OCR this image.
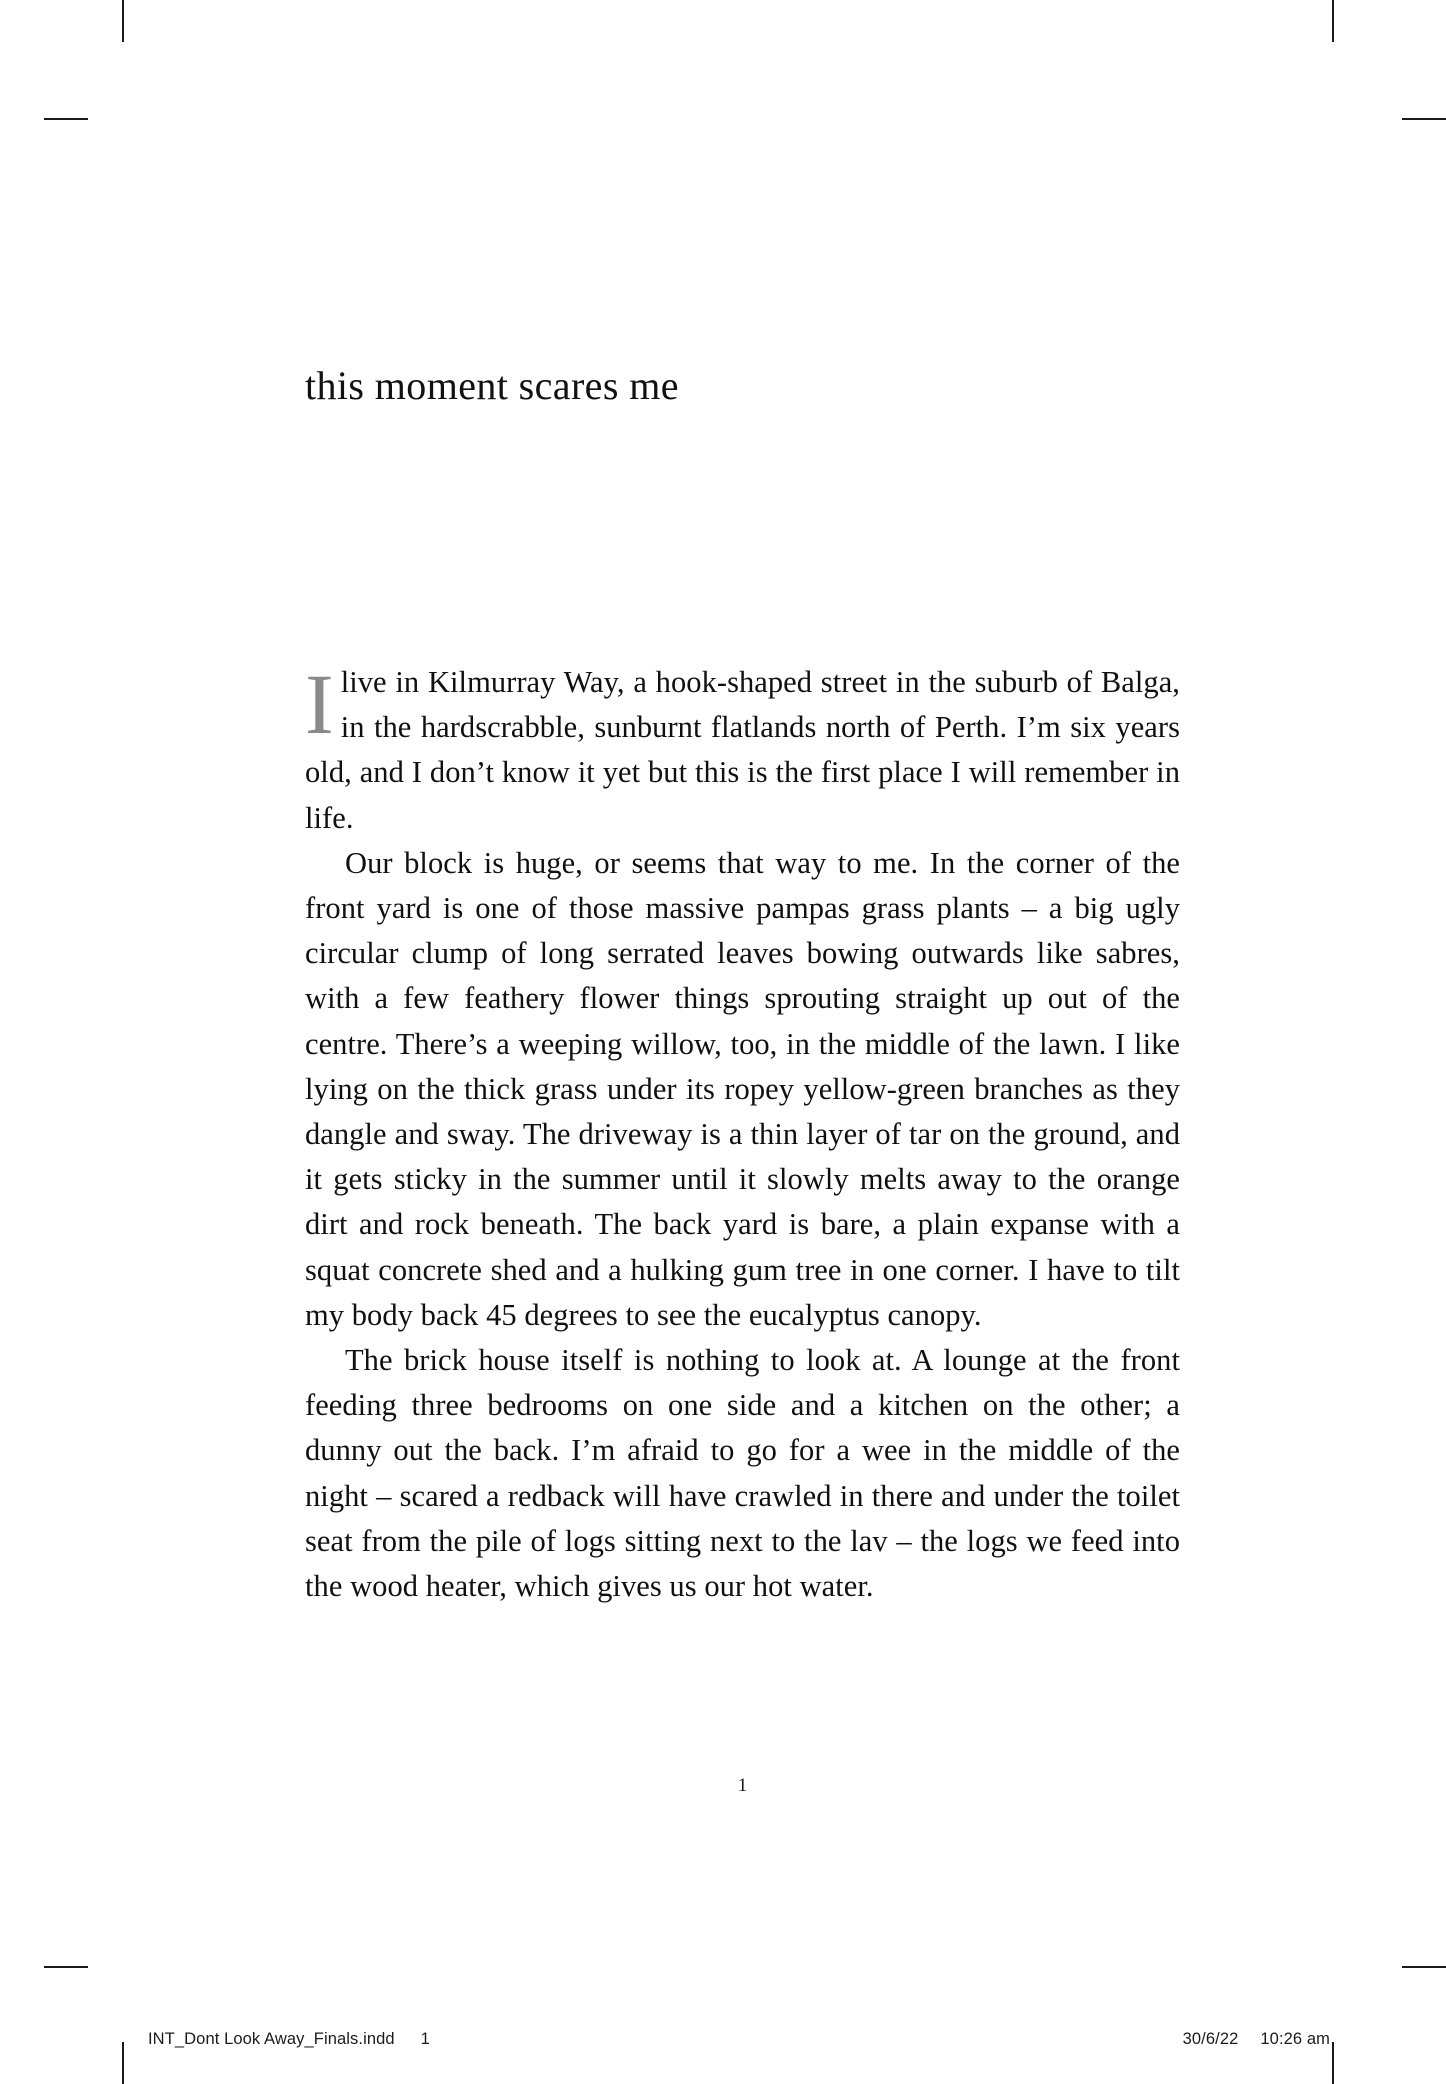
this moment scares me

I live in Kilmurray Way, a hook-shaped street in the suburb of Balga, in the hardscrabble, sunburnt flatlands north of Perth. I’m six years old, and I don’t know it yet but this is the first place I will remember in life.

Our block is huge, or seems that way to me. In the corner of the front yard is one of those massive pampas grass plants – a big ugly circular clump of long serrated leaves bowing outwards like sabres, with a few feathery flower things sprouting straight up out of the centre. There’s a weeping willow, too, in the middle of the lawn. I like lying on the thick grass under its ropey yellow-green branches as they dangle and sway. The driveway is a thin layer of tar on the ground, and it gets sticky in the summer until it slowly melts away to the orange dirt and rock beneath. The back yard is bare, a plain expanse with a squat concrete shed and a hulking gum tree in one corner. I have to tilt my body back 45 degrees to see the eucalyptus canopy.

The brick house itself is nothing to look at. A lounge at the front feeding three bedrooms on one side and a kitchen on the other; a dunny out the back. I’m afraid to go for a wee in the middle of the night – scared a redback will have crawled in there and under the toilet seat from the pile of logs sitting next to the lav – the logs we feed into the wood heater, which gives us our hot water.

1
INT_Dont Look Away_Finals.indd 1	30/6/22 10:26 am
